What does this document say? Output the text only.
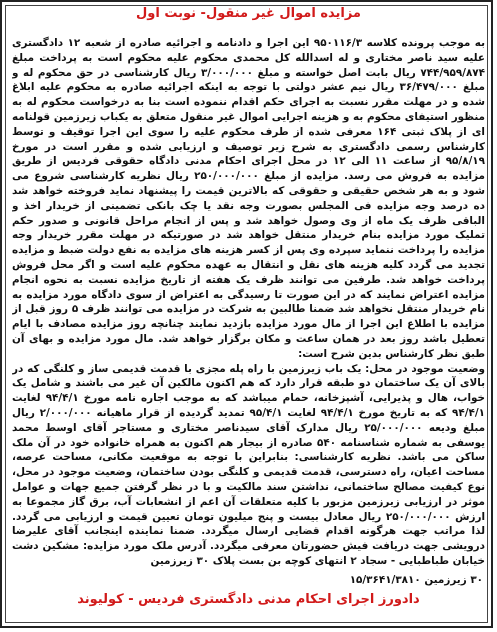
مزایده اموال غیر منقول- نوبت اول

به موجب پرونده کلاسه ۹۵۰۱۱۶/۳ این اجرا و دادنامه و اجرائیه صادره از شعبه ۱۲ دادگستری علیه سید ناصر مختاری و له اسدالله کل محمدی محکوم علیه محکوم است به پرداخت مبلغ ۷۴۴/۹۵۹/۸۷۴ ریال بابت اصل خواسته و مبلغ ۳/۰۰۰/۰۰۰ ریال کارشناسی در حق محکوم له و مبلغ ۳۶/۴۷۹/۰۰۰ ریال نیم عشر دولتی با توجه به اینکه اجرائیه صادره به محکوم علیه ابلاغ شده و در مهلت مقرر نسبت به اجرای حکم اقدام ننموده است بنا به درخواست محکوم له به منظور استیفای محکوم به و هزینه اجرایی اموال غیر منقول متعلق به یکباب زیرزمین قولنامه ای از پلاک ثبتی ۱۶۴ معرفی شده از طرف محکوم علیه را سوی این اجرا توقیف و توسط کارشناس رسمی دادگستری به شرح زیر توصیف و ارزیابی شده و مقرر است در مورخ ۹۵/۸/۱۹ از ساعت ۱۱ الی ۱۲ در محل اجرای احکام مدنی دادگاه حقوقی فردیس از طریق مزایده به فروش می رسد. مزایده از مبلغ ۲۵۰/۰۰۰/۰۰۰ ریال نظریه کارشناسی شروع می شود و به هر شخص حقیقی و حقوقی که بالاترین قیمت را پیشنهاد نماید فروخته خواهد شد ده درصد وجه مزایده فی المجلس بصورت وجه نقد یا چک بانکی تضمینی از خریدار اخذ و الباقی ظرف یک ماه از وی وصول خواهد شد و پس از انجام مراحل قانونی و صدور حکم تملیک مورد مزایده بنام خریدار منتقل خواهد شد در صورتیکه در مهلت مقرر خریدار وجه مزایده را پرداخت ننماید سپرده وی پس از کسر هزینه های مزایده به نفع دولت ضبط و مزایده تجدید می گردد کلیه هزینه های نقل و انتقال به عهده محکوم علیه است و اگر محل فروش پرداخت خواهد شد. طرفین می توانند ظرف یک هفته از تاریخ مزایده نسبت به نحوه انجام مزایده اعتراض نمایند که در این صورت تا رسیدگی به اعتراض از سوی دادگاه مورد مزایده به نام خریدار منتقل نخواهد شد ضمنا طالبین به شرکت در مزایده می توانند ظرف ۵ روز قبل از مزایده با اطلاع این اجرا از مال مورد مزایده بازدید نمایند چنانچه روز مزایده مصادف با ایام تعطیل باشد روز بعد در همان ساعت و مکان برگزار خواهد شد. مال مورد مزایده و بهای آن طبق نظر کارشناس بدین شرح است:

وضعیت موجود در محل: یک باب زیرزمین با راه پله مجزی با قدمت قدیمی ساز و کلنگی که در بالای آن یک ساختمان دو طبقه قرار دارد که هم اکنون مالکین آن غیر می باشند و شامل یک خواب، هال و پذیرایی، آشپزخانه، حمام میباشد که به موجب اجاره نامه مورخ ۹۴/۴/۱ لغایت ۹۴/۴/۱ که به تاریخ مورخ ۹۴/۴/۱ لغایت ۹۵/۴/۱ تمدید گردیده از قرار ماهیانه ۲/۰۰۰/۰۰۰ ریال مبلغ ودیعه ۲۵/۰۰۰/۰۰۰ ریال مدارک آقای سیدناصر مختاری و مستاجر آقای اوسط محمد یوسفی به شماره شناسنامه ۵۴۰ صادره از بیجار هم اکنون به همراه خانواده خود در آن ملک ساکن می باشد. نظریه کارشناسی: بنابراین با توجه به موقعیت مکانی، مساحت عرصه، مساحت اعیان، راه دسترسی، قدمت قدیمی و کلنگی بودن ساختمان، وضعیت موجود در محل، نوع کیفیت مصالح ساختمانی، نداشتن سند مالکیت و با در نظر گرفتن جمیع جهات و عوامل موثر در ارزیابی زیرزمین مزبور با کلیه متعلقات آن اعم از انشعابات آب، برق گاز مجموعا به ارزش ۲۵۰/۰۰۰/۰۰۰ ریال معادل بیست و پنج میلیون تومان تعیین قیمت و ارزیابی می گردد. لذا مراتب جهت هرگونه اقدام قضایی ارسال میگردد. ضمنا نماینده اینجانب آقای علیرضا درویشی جهت دریافت فیش حضورتان معرفی میگردد. آدرس ملک مورد مزایده: مشکین دشت خیابان طباطبایی - سجاد ۲ انتهای کوچه بن بست پلاک ۳۰ زیرزمین

۳۰ زیرزمین ۱۵/۳۶۴۱/۳۸۱۰
دادورز اجرای احکام مدنی دادگستری فردیس - کولیوند
